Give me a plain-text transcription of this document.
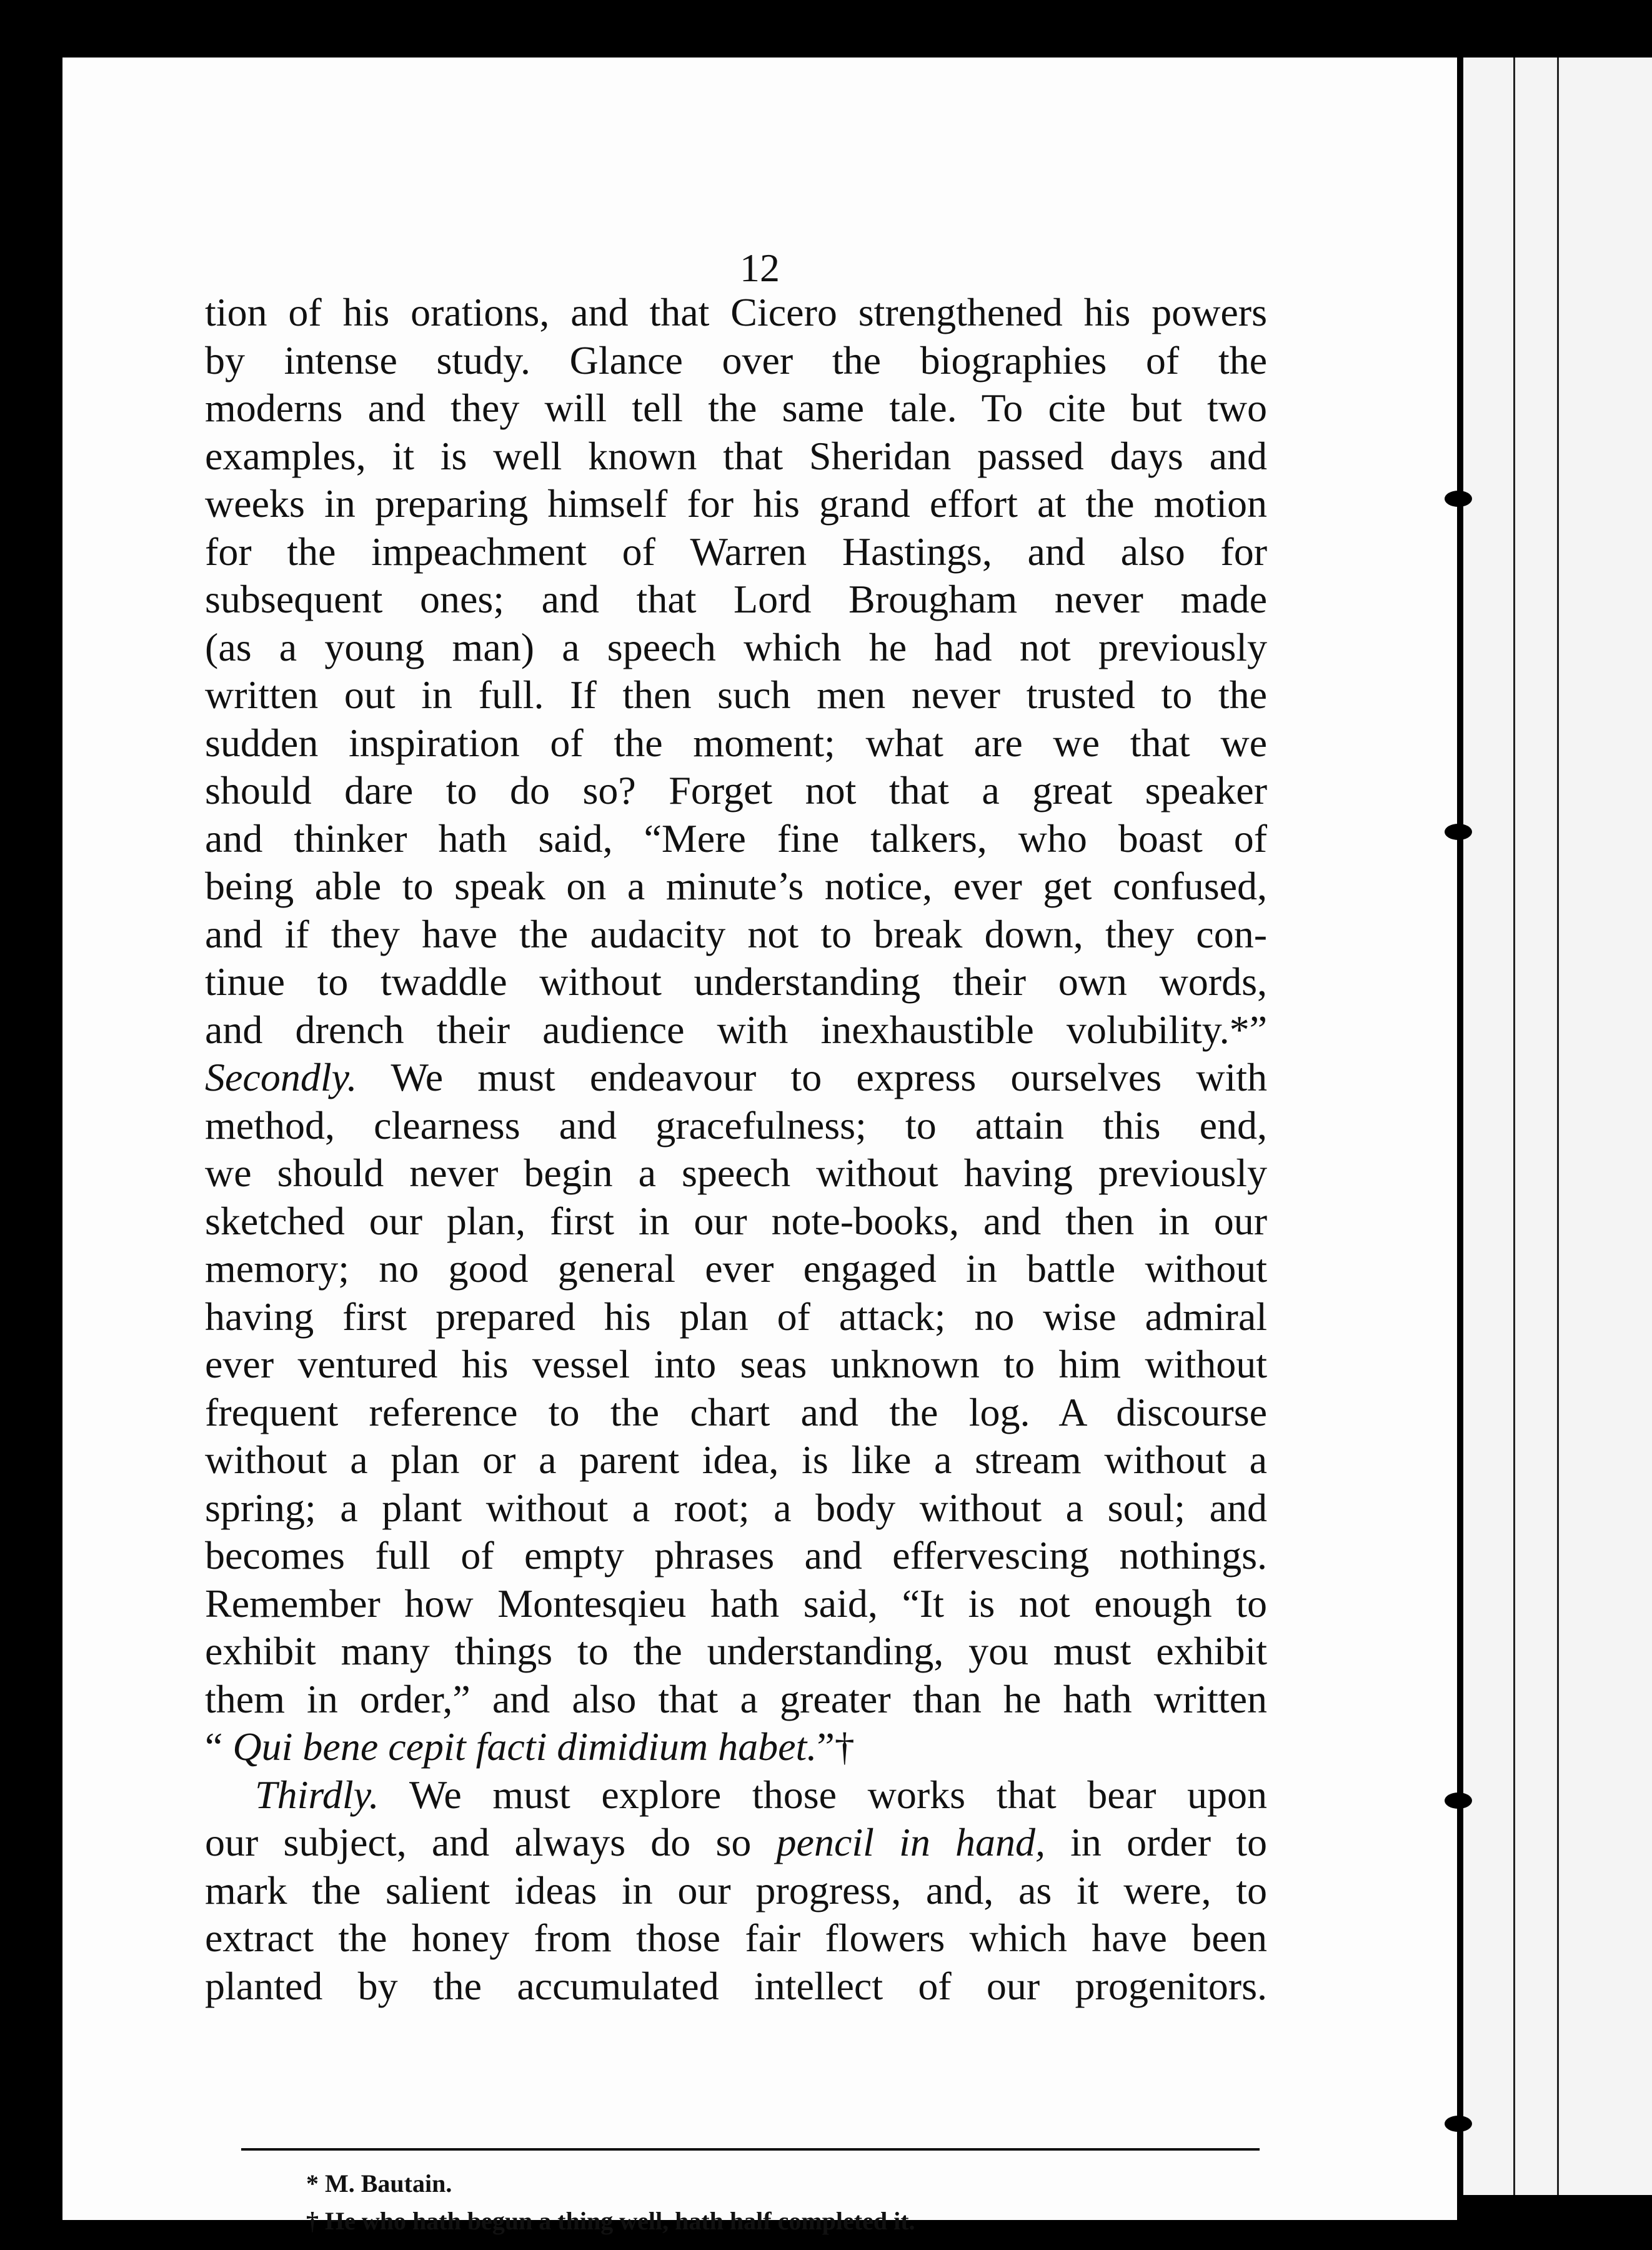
12
tion of his orations, and that Cicero strengthened his powers
by intense study. Glance over the biographies of the
moderns and they will tell the same tale. To cite but two
examples, it is well known that Sheridan passed days and
weeks in preparing himself for his grand effort at the motion
for the impeachment of Warren Hastings, and also for
subsequent ones; and that Lord Brougham never made
(as a young man) a speech which he had not previously
written out in full. If then such men never trusted to the
sudden inspiration of the moment; what are we that we
should dare to do so? Forget not that a great speaker
and thinker hath said, “Mere fine talkers, who boast of
being able to speak on a minute’s notice, ever get confused,
and if they have the audacity not to break down, they con-
tinue to twaddle without understanding their own words,
and drench their audience with inexhaustible volubility.*”
Secondly. We must endeavour to express ourselves with
method, clearness and gracefulness; to attain this end,
we should never begin a speech without having previously
sketched our plan, first in our note-books, and then in our
memory; no good general ever engaged in battle without
having first prepared his plan of attack; no wise admiral
ever ventured his vessel into seas unknown to him without
frequent reference to the chart and the log. A discourse
without a plan or a parent idea, is like a stream without a
spring; a plant without a root; a body without a soul; and
becomes full of empty phrases and effervescing nothings.
Remember how Montesqieu hath said, “It is not enough to
exhibit many things to the understanding, you must exhibit
them in order,” and also that a greater than he hath written
“ Qui bene cepit facti dimidium habet.”†
Thirdly. We must explore those works that bear upon
our subject, and always do so pencil in hand, in order to
mark the salient ideas in our progress, and, as it were, to
extract the honey from those fair flowers which have been
planted by the accumulated intellect of our progenitors.
* M. Bautain.
† He who hath begun a thing well, hath half completed it.
